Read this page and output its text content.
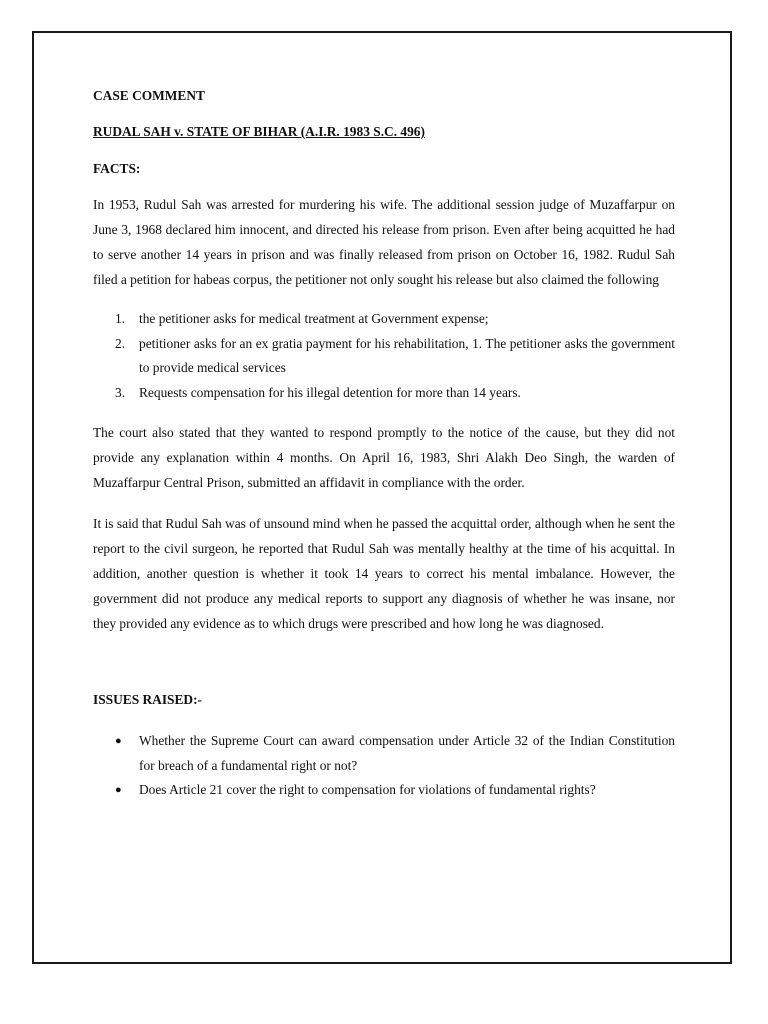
CASE COMMENT

RUDAL SAH v. STATE OF BIHAR (A.I.R. 1983 S.C. 496)

FACTS:

In 1953, Rudul Sah was arrested for murdering his wife. The additional session judge of Muzaffarpur on June 3, 1968 declared him innocent, and directed his release from prison. Even after being acquitted he had to serve another 14 years in prison and was finally released from prison on October 16, 1982. Rudul Sah filed a petition for habeas corpus, the petitioner not only sought his release but also claimed the following

1. the petitioner asks for medical treatment at Government expense;
2. petitioner asks for an ex gratia payment for his rehabilitation, 1. The petitioner asks the government to provide medical services
3. Requests compensation for his illegal detention for more than 14 years.

The court also stated that they wanted to respond promptly to the notice of the cause, but they did not provide any explanation within 4 months. On April 16, 1983, Shri Alakh Deo Singh, the warden of Muzaffarpur Central Prison, submitted an affidavit in compliance with the order.

It is said that Rudul Sah was of unsound mind when he passed the acquittal order, although when he sent the report to the civil surgeon, he reported that Rudul Sah was mentally healthy at the time of his acquittal. In addition, another question is whether it took 14 years to correct his mental imbalance. However, the government did not produce any medical reports to support any diagnosis of whether he was insane, nor they provided any evidence as to which drugs were prescribed and how long he was diagnosed.

ISSUES RAISED:-

● Whether the Supreme Court can award compensation under Article 32 of the Indian Constitution for breach of a fundamental right or not?
● Does Article 21 cover the right to compensation for violations of fundamental rights?
